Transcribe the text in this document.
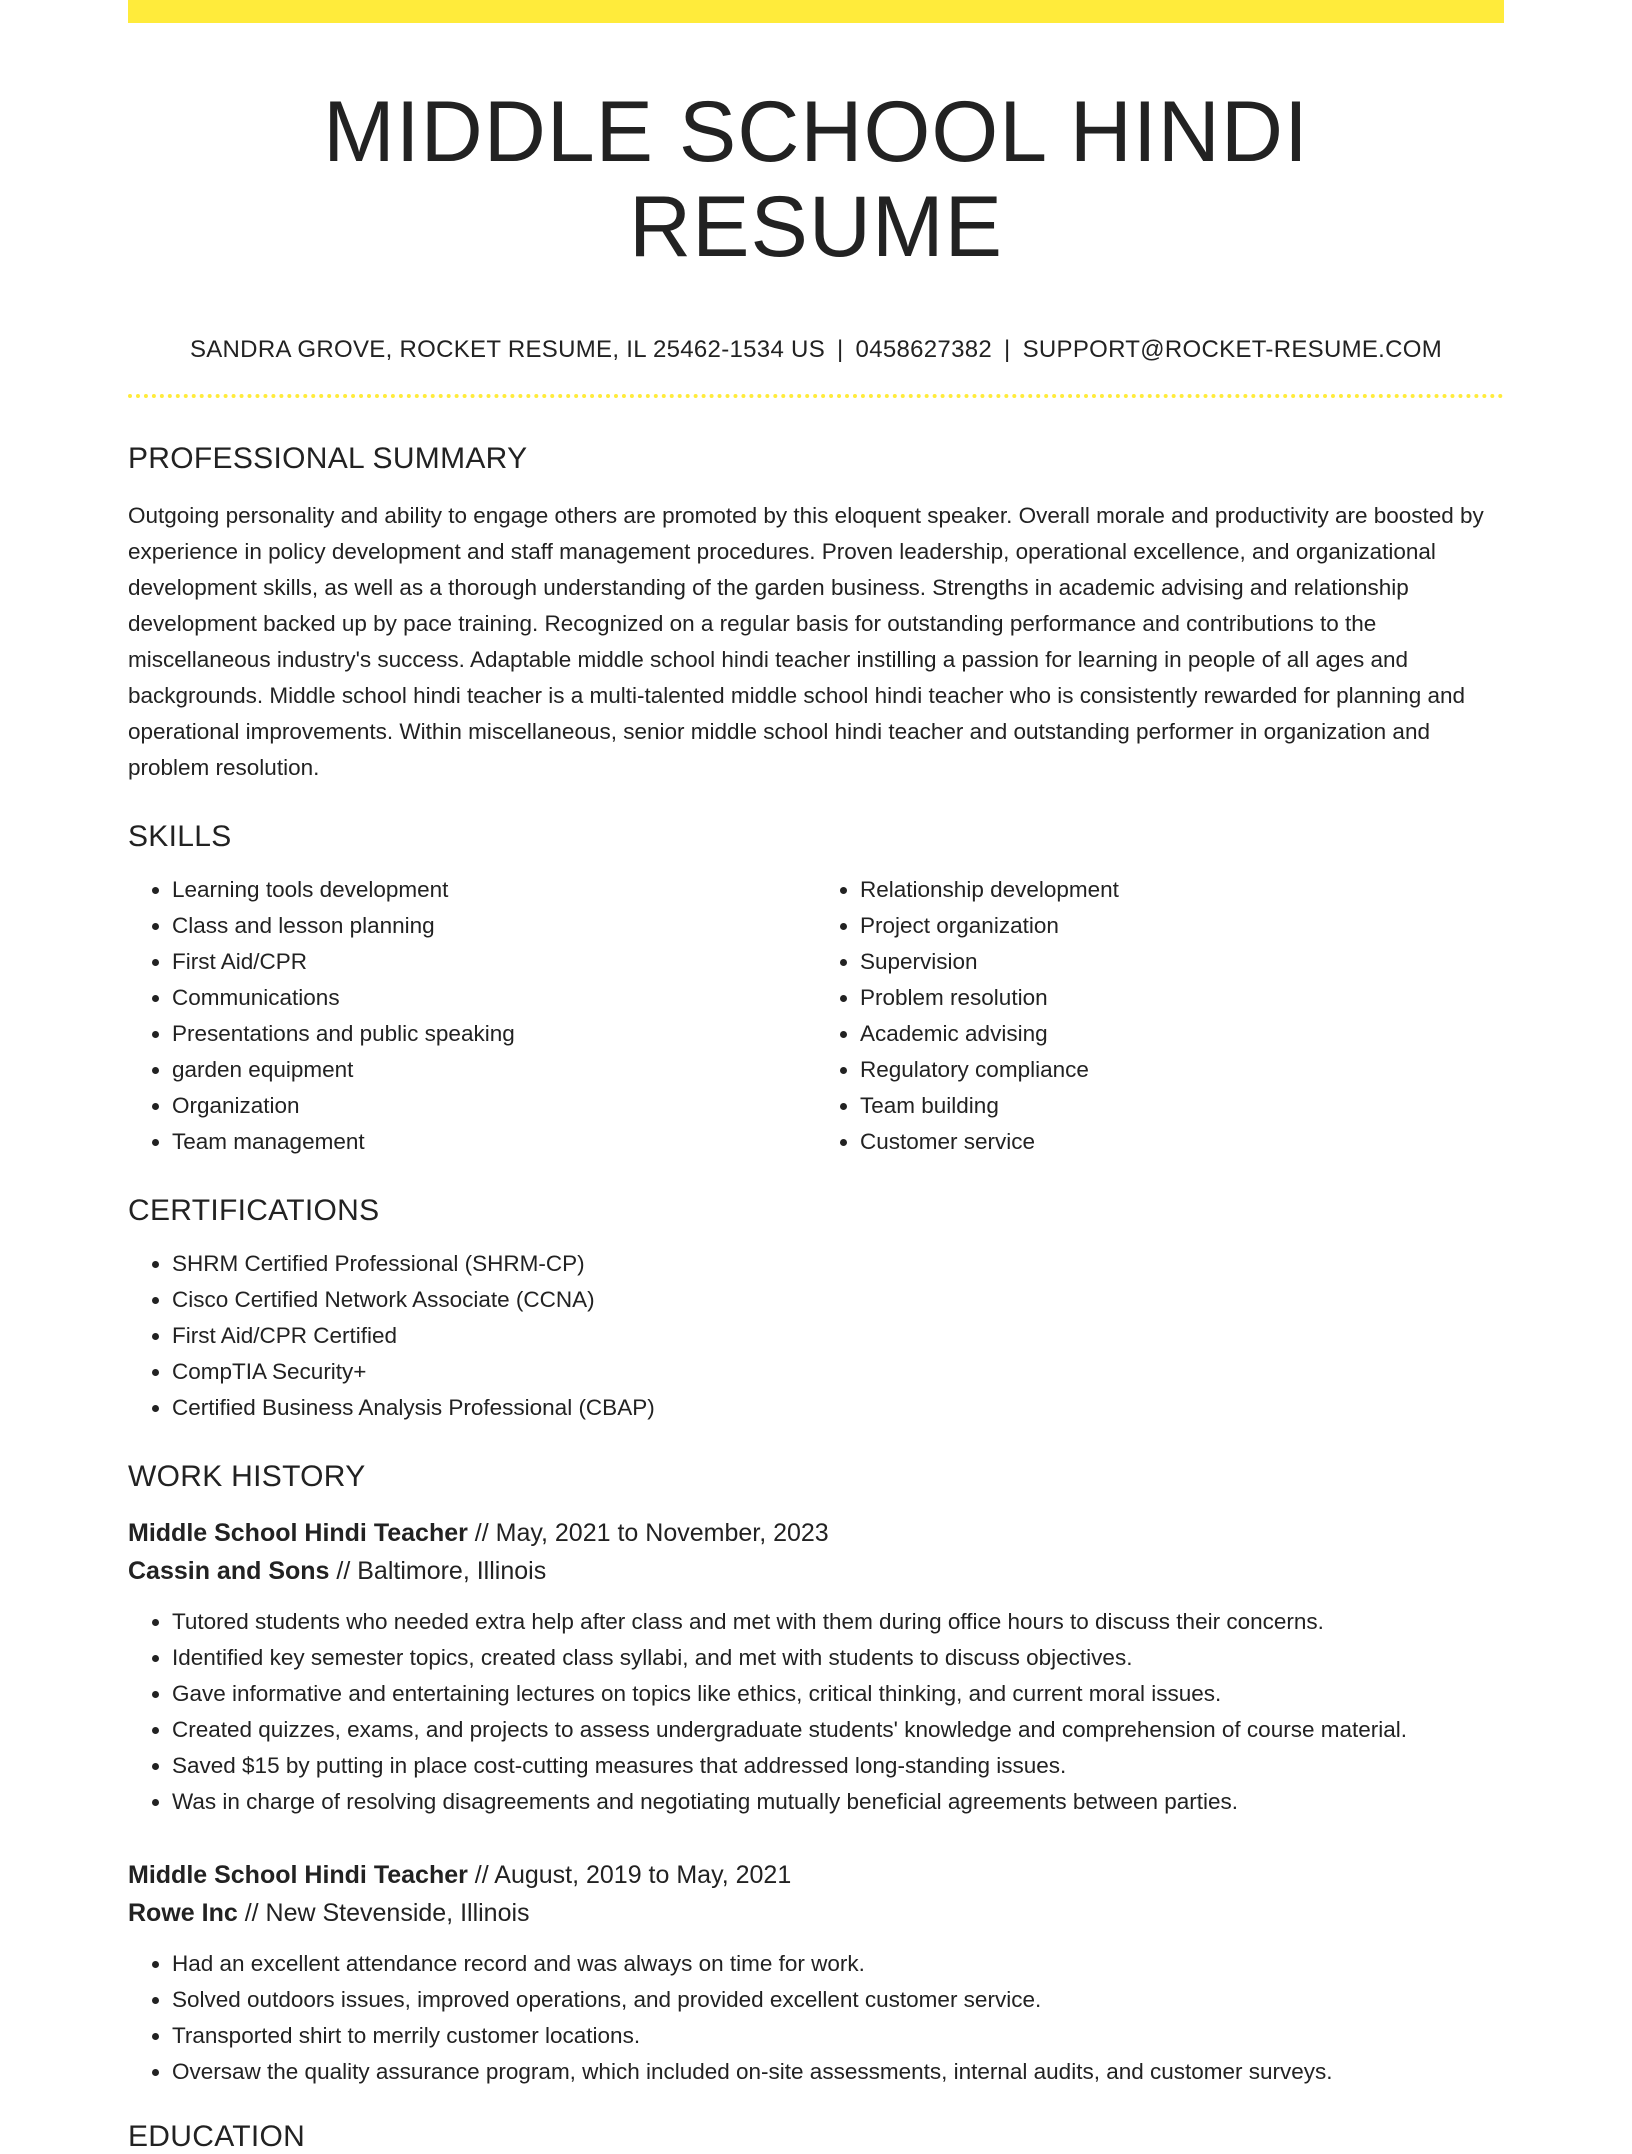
MIDDLE SCHOOL HINDI RESUME
SANDRA GROVE, ROCKET RESUME, IL 25462-1534 US | 0458627382 | SUPPORT@ROCKET-RESUME.COM
PROFESSIONAL SUMMARY

Outgoing personality and ability to engage others are promoted by this eloquent speaker. Overall morale and productivity are boosted by experience in policy development and staff management procedures. Proven leadership, operational excellence, and organizational development skills, as well as a thorough understanding of the garden business. Strengths in academic advising and relationship development backed up by pace training. Recognized on a regular basis for outstanding performance and contributions to the miscellaneous industry's success. Adaptable middle school hindi teacher instilling a passion for learning in people of all ages and backgrounds. Middle school hindi teacher is a multi-talented middle school hindi teacher who is consistently rewarded for planning and operational improvements. Within miscellaneous, senior middle school hindi teacher and outstanding performer in organization and problem resolution.

SKILLS
• Learning tools development
• Class and lesson planning
• First Aid/CPR
• Communications
• Presentations and public speaking
• garden equipment
• Organization
• Team management
• Relationship development
• Project organization
• Supervision
• Problem resolution
• Academic advising
• Regulatory compliance
• Team building
• Customer service
CERTIFICATIONS
• SHRM Certified Professional (SHRM-CP)
• Cisco Certified Network Associate (CCNA)
• First Aid/CPR Certified
• CompTIA Security+
• Certified Business Analysis Professional (CBAP)
WORK HISTORY
Middle School Hindi Teacher // May, 2021 to November, 2023
Cassin and Sons // Baltimore, Illinois
• Tutored students who needed extra help after class and met with them during office hours to discuss their concerns.
• Identified key semester topics, created class syllabi, and met with students to discuss objectives.
• Gave informative and entertaining lectures on topics like ethics, critical thinking, and current moral issues.
• Created quizzes, exams, and projects to assess undergraduate students' knowledge and comprehension of course material.
• Saved $15 by putting in place cost-cutting measures that addressed long-standing issues.
• Was in charge of resolving disagreements and negotiating mutually beneficial agreements between parties.
Middle School Hindi Teacher // August, 2019 to May, 2021
Rowe Inc // New Stevenside, Illinois
• Had an excellent attendance record and was always on time for work.
• Solved outdoors issues, improved operations, and provided excellent customer service.
• Transported shirt to merrily customer locations.
• Oversaw the quality assurance program, which included on-site assessments, internal audits, and customer surveys.
EDUCATION
